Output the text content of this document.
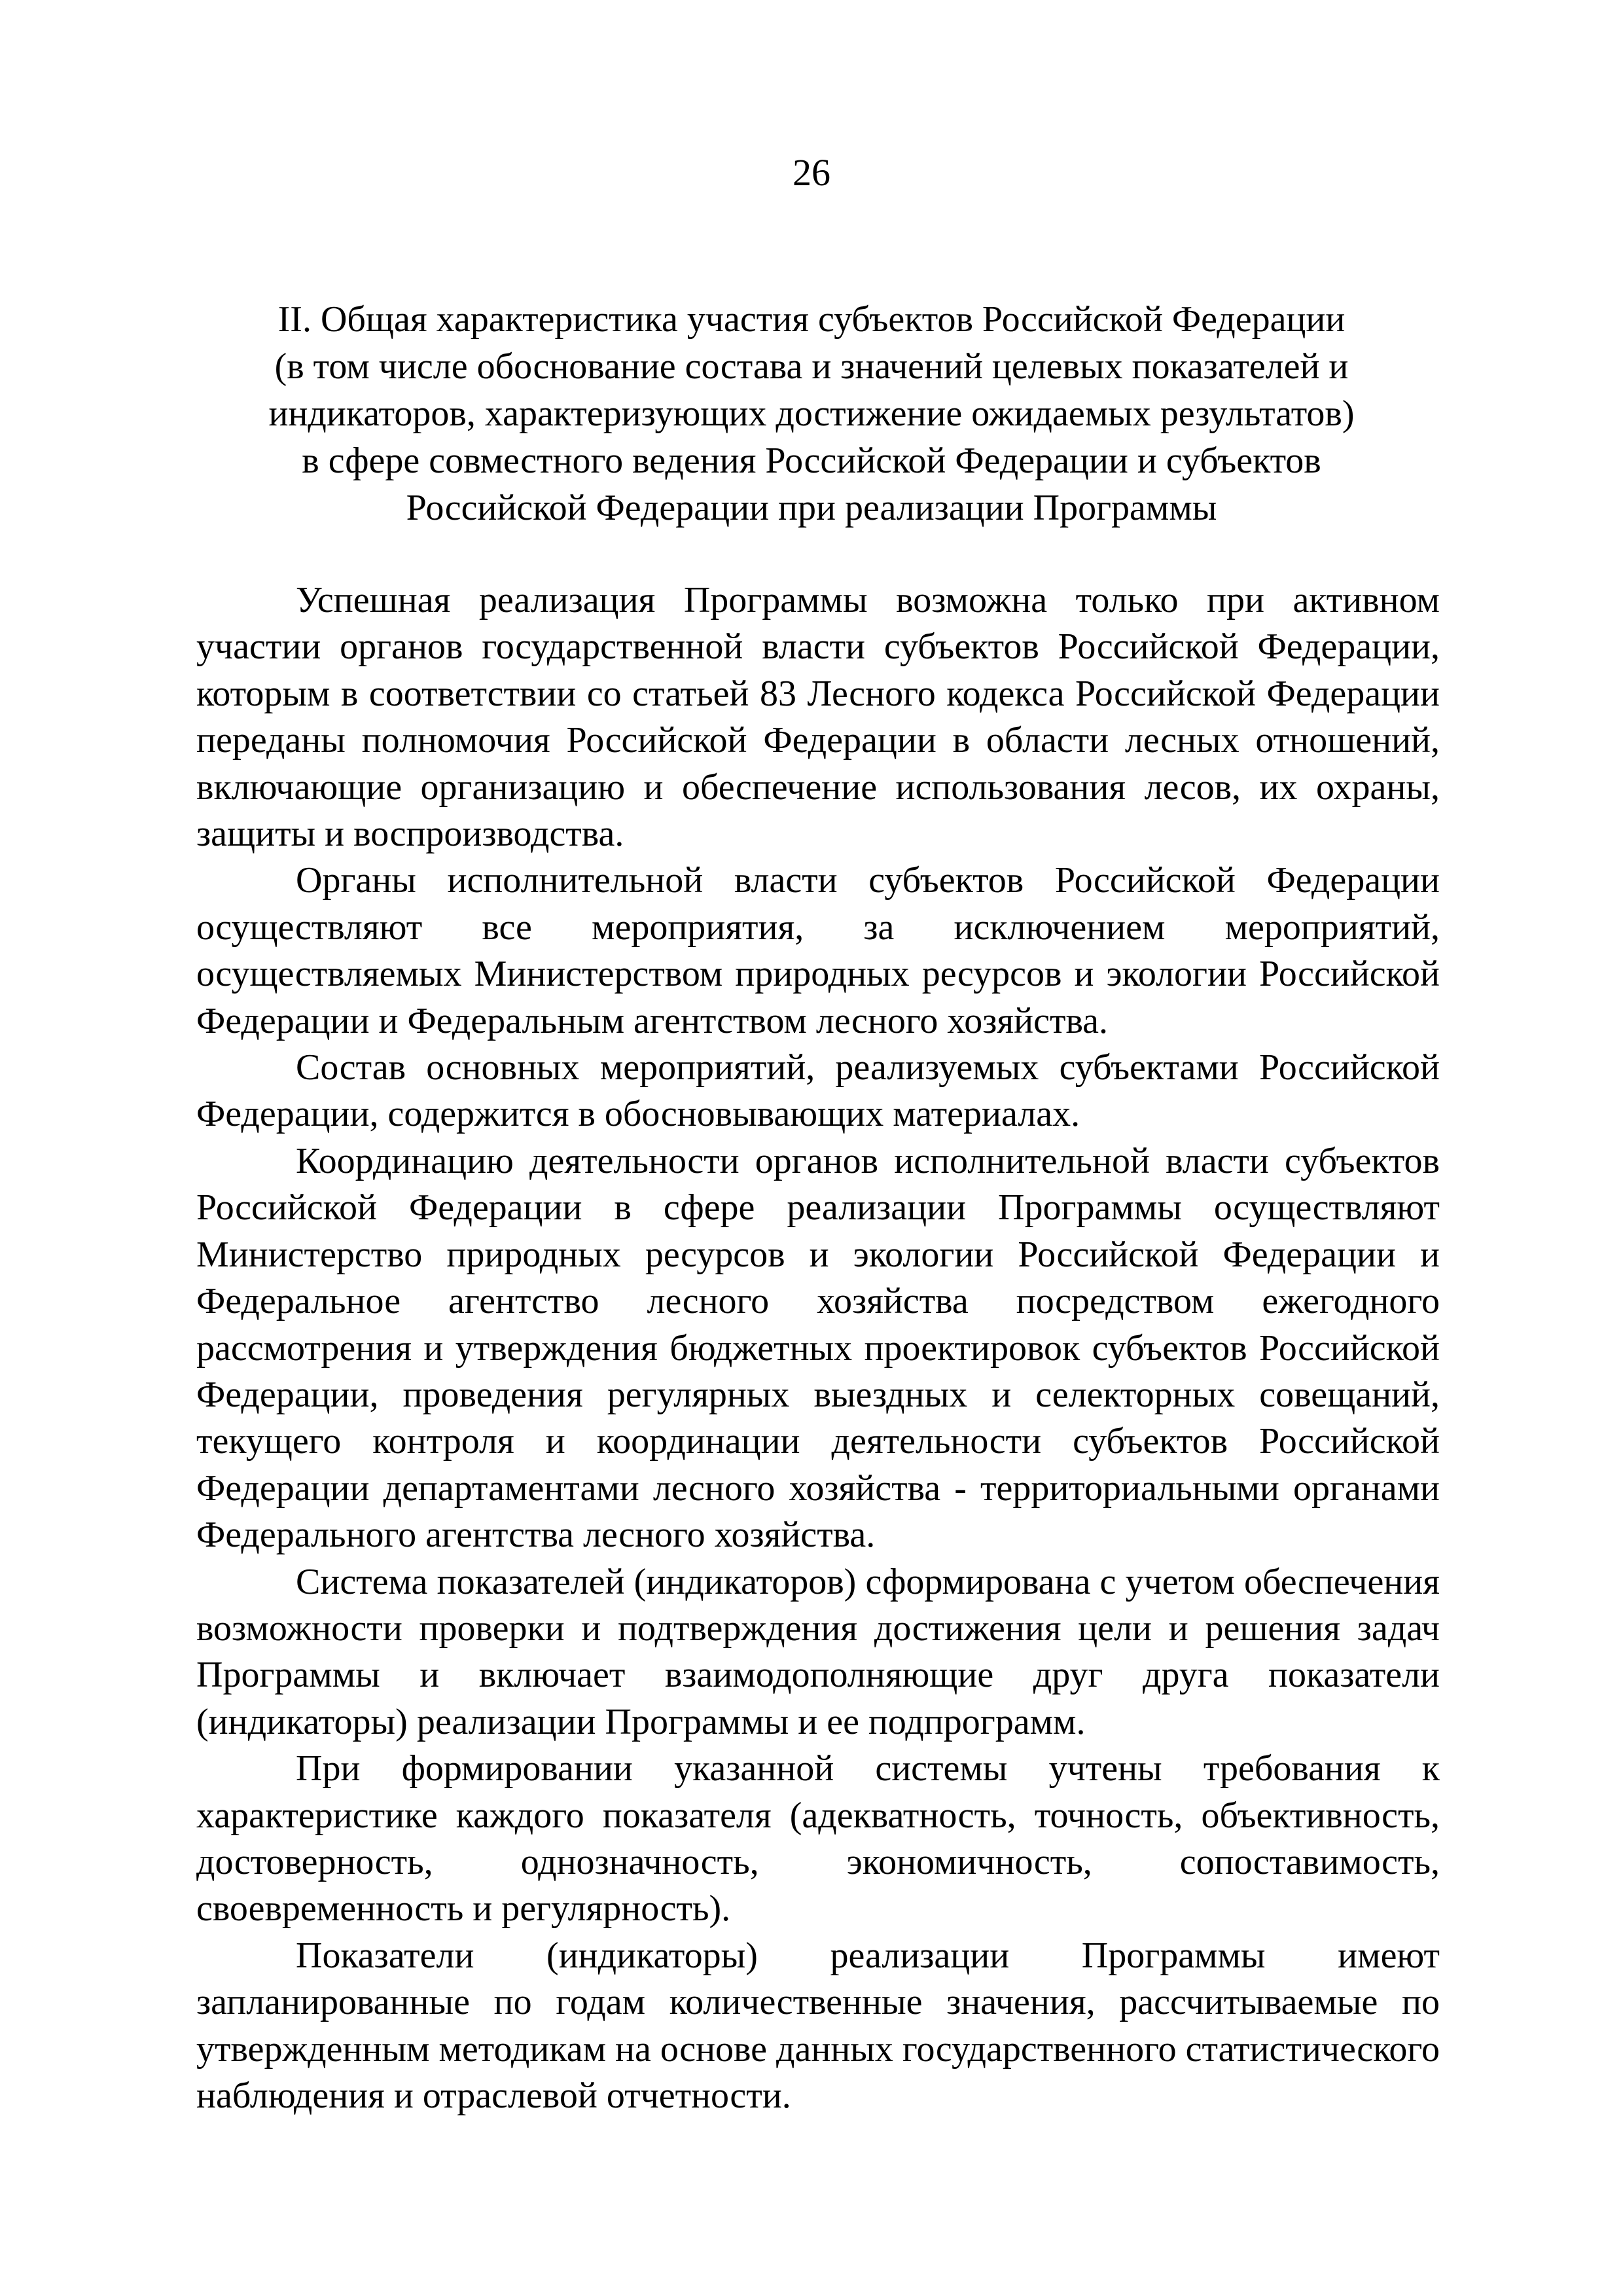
26
II. Общая характеристика участия субъектов Российской Федерации
(в том числе обоснование состава и значений целевых показателей и
индикаторов, характеризующих достижение ожидаемых результатов)
в сфере совместного ведения Российской Федерации и субъектов
Российской Федерации при реализации Программы

Успешная реализация Программы возможна только при активном участии органов государственной власти субъектов Российской Федерации, которым в соответствии со статьей 83 Лесного кодекса Российской Федерации переданы полномочия Российской Федерации в области лесных отношений, включающие организацию и обеспечение использования лесов, их охраны, защиты и воспроизводства.

Органы исполнительной власти субъектов Российской Федерации осуществляют все мероприятия, за исключением мероприятий, осуществляемых Министерством природных ресурсов и экологии Российской Федерации и Федеральным агентством лесного хозяйства.

Состав основных мероприятий, реализуемых субъектами Российской Федерации, содержится в обосновывающих материалах.

Координацию деятельности органов исполнительной власти субъектов Российской Федерации в сфере реализации Программы осуществляют Министерство природных ресурсов и экологии Российской Федерации и Федеральное агентство лесного хозяйства посредством ежегодного рассмотрения и утверждения бюджетных проектировок субъектов Российской Федерации, проведения регулярных выездных и селекторных совещаний, текущего контроля и координации деятельности субъектов Российской Федерации департаментами лесного хозяйства - территориальными органами Федерального агентства лесного хозяйства.

Система показателей (индикаторов) сформирована с учетом обеспечения возможности проверки и подтверждения достижения цели и решения задач Программы и включает взаимодополняющие друг друга показатели (индикаторы) реализации Программы и ее подпрограмм.

При формировании указанной системы учтены требования к характеристике каждого показателя (адекватность, точность, объективность, достоверность, однозначность, экономичность, сопоставимость, своевременность и регулярность).

Показатели (индикаторы) реализации Программы имеют запланированные по годам количественные значения, рассчитываемые по утвержденным методикам на основе данных государственного статистического наблюдения и отраслевой отчетности.
